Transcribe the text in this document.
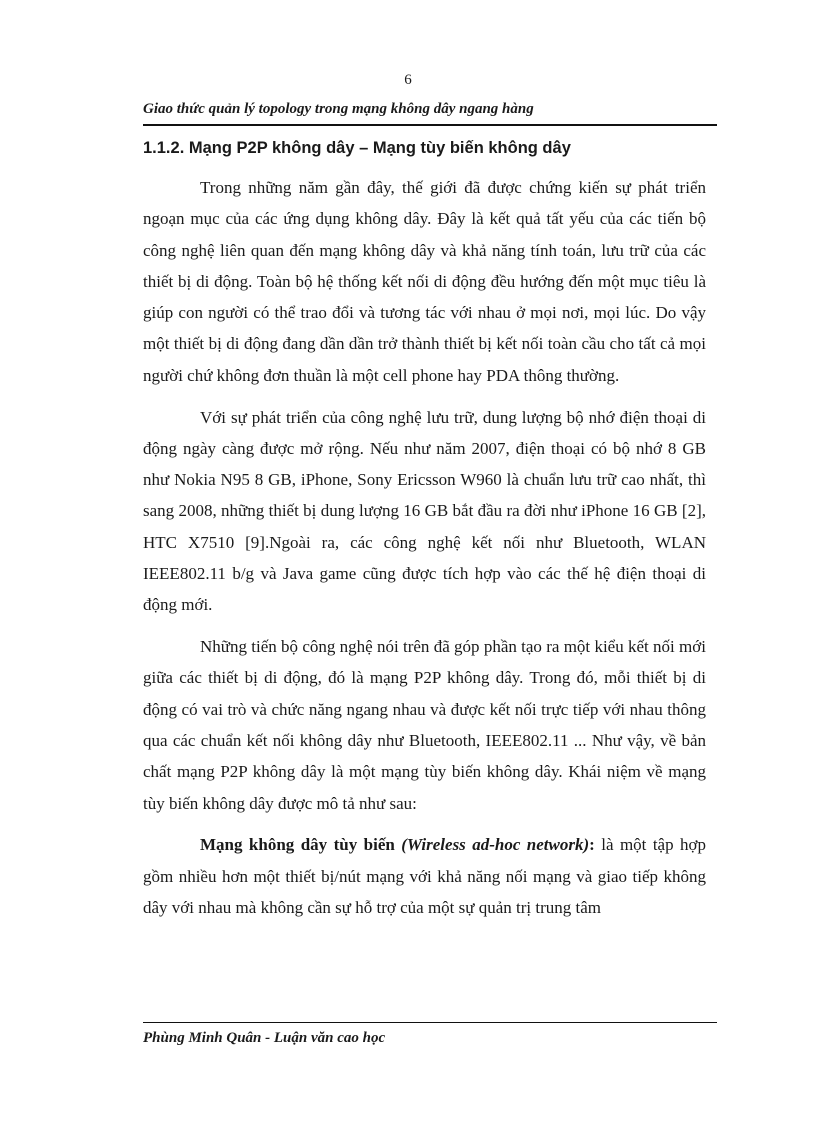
6
Giao thức quản lý topology trong mạng không dây ngang hàng
1.1.2. Mạng P2P không dây – Mạng tùy biến không dây

Trong những năm gần đây, thế giới đã được chứng kiến sự phát triển ngoạn mục của các ứng dụng không dây. Đây là kết quả tất yếu của các tiến bộ công nghệ liên quan đến mạng không dây và khả năng tính toán, lưu trữ của các thiết bị di động. Toàn bộ hệ thống kết nối di động đều hướng đến một mục tiêu là giúp con người có thể trao đổi và tương tác với nhau ở mọi nơi, mọi lúc. Do vậy một thiết bị di động đang dần dần trở thành thiết bị kết nối toàn cầu cho tất cả mọi người chứ không đơn thuần là một cell phone hay PDA thông thường.

Với sự phát triển của công nghệ lưu trữ, dung lượng bộ nhớ điện thoại di động ngày càng được mở rộng. Nếu như năm 2007, điện thoại có bộ nhớ 8 GB như Nokia N95 8 GB, iPhone, Sony Ericsson W960 là chuẩn lưu trữ cao nhất, thì sang 2008, những thiết bị dung lượng 16 GB bắt đầu ra đời như iPhone 16 GB [2], HTC X7510 [9].Ngoài ra, các công nghệ kết nối như Bluetooth, WLAN IEEE802.11 b/g và Java game cũng được tích hợp vào các thế hệ điện thoại di động mới.

Những tiến bộ công nghệ nói trên đã góp phần tạo ra một kiểu kết nối mới giữa các thiết bị di động, đó là mạng P2P không dây. Trong đó, mỗi thiết bị di động có vai trò và chức năng ngang nhau và được kết nối trực tiếp với nhau thông qua các chuẩn kết nối không dây như Bluetooth, IEEE802.11 ... Như vậy, về bản chất mạng P2P không dây là một mạng tùy biến không dây. Khái niệm về mạng tùy biến không dây được mô tả như sau:

Mạng không dây tùy biến (Wireless ad-hoc network): là một tập hợp gồm nhiều hơn một thiết bị/nút mạng với khả năng nối mạng và giao tiếp không dây với nhau mà không cần sự hỗ trợ của một sự quản trị trung tâm

Phùng Minh Quân - Luận văn cao học
